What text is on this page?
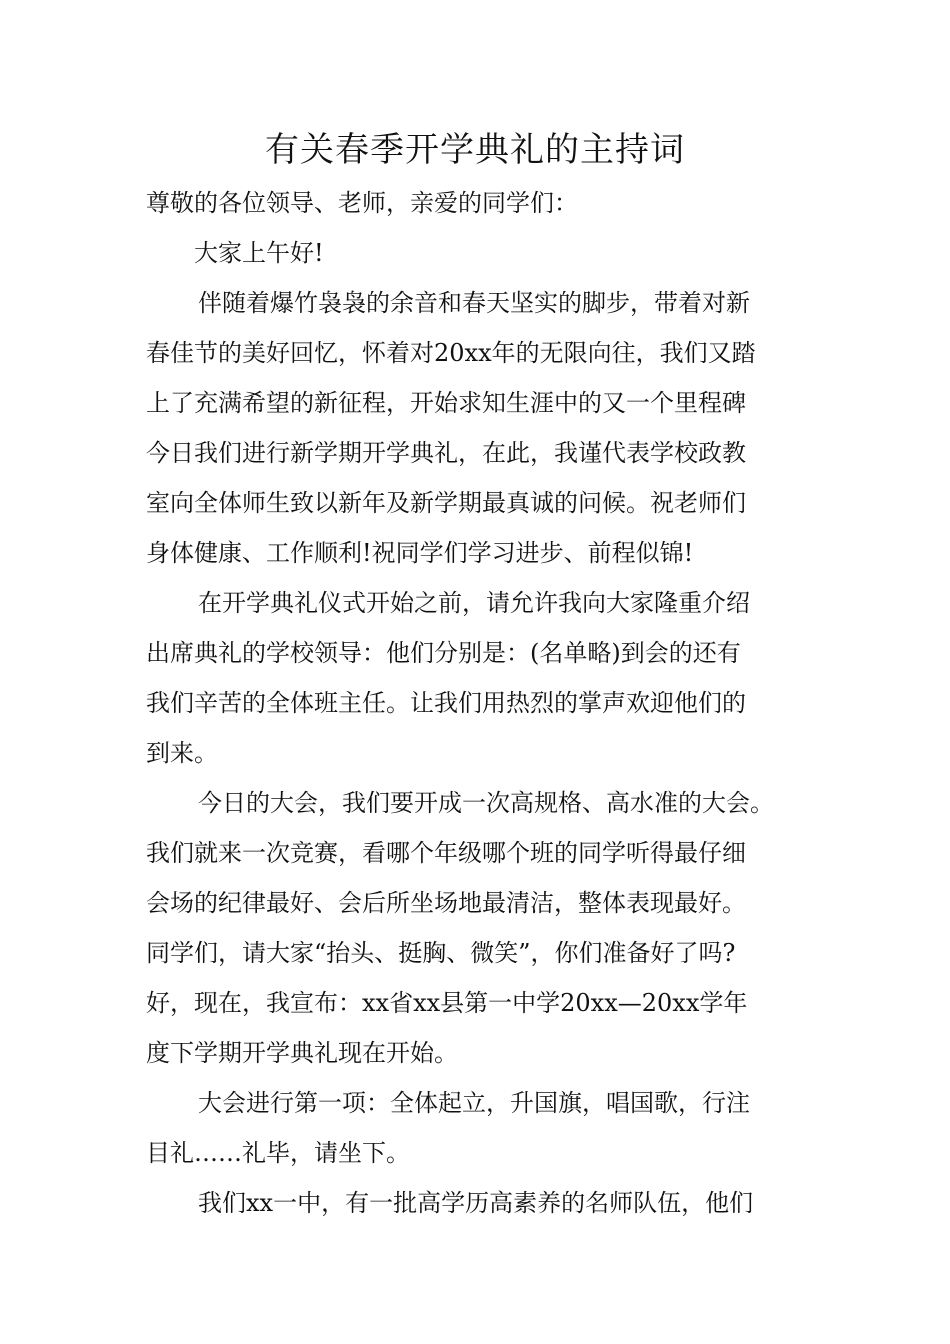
有关春季开学典礼的主持词
尊敬的各位领导、老师，亲爱的同学们：
大家上午好!
伴随着爆竹袅袅的余音和春天坚实的脚步，带着对新
春佳节的美好回忆，怀着对20xx年的无限向往，我们又踏
上了充满希望的新征程，开始求知生涯中的又一个里程碑
今日我们进行新学期开学典礼，在此，我谨代表学校政教
室向全体师生致以新年及新学期最真诚的问候。祝老师们
身体健康、工作顺利!祝同学们学习进步、前程似锦!
在开学典礼仪式开始之前，请允许我向大家隆重介绍
出席典礼的学校领导：他们分别是：(名单略)到会的还有
我们辛苦的全体班主任。让我们用热烈的掌声欢迎他们的
到来。
今日的大会，我们要开成一次高规格、高水准的大会。
我们就来一次竞赛，看哪个年级哪个班的同学听得最仔细
会场的纪律最好、会后所坐场地最清洁，整体表现最好。
同学们，请大家“抬头、挺胸、微笑”，你们准备好了吗?
好，现在，我宣布：xx省xx县第一中学20xx—20xx学年
度下学期开学典礼现在开始。
大会进行第一项：全体起立，升国旗，唱国歌，行注
目礼……礼毕，请坐下。
我们xx一中，有一批高学历高素养的名师队伍，他们
